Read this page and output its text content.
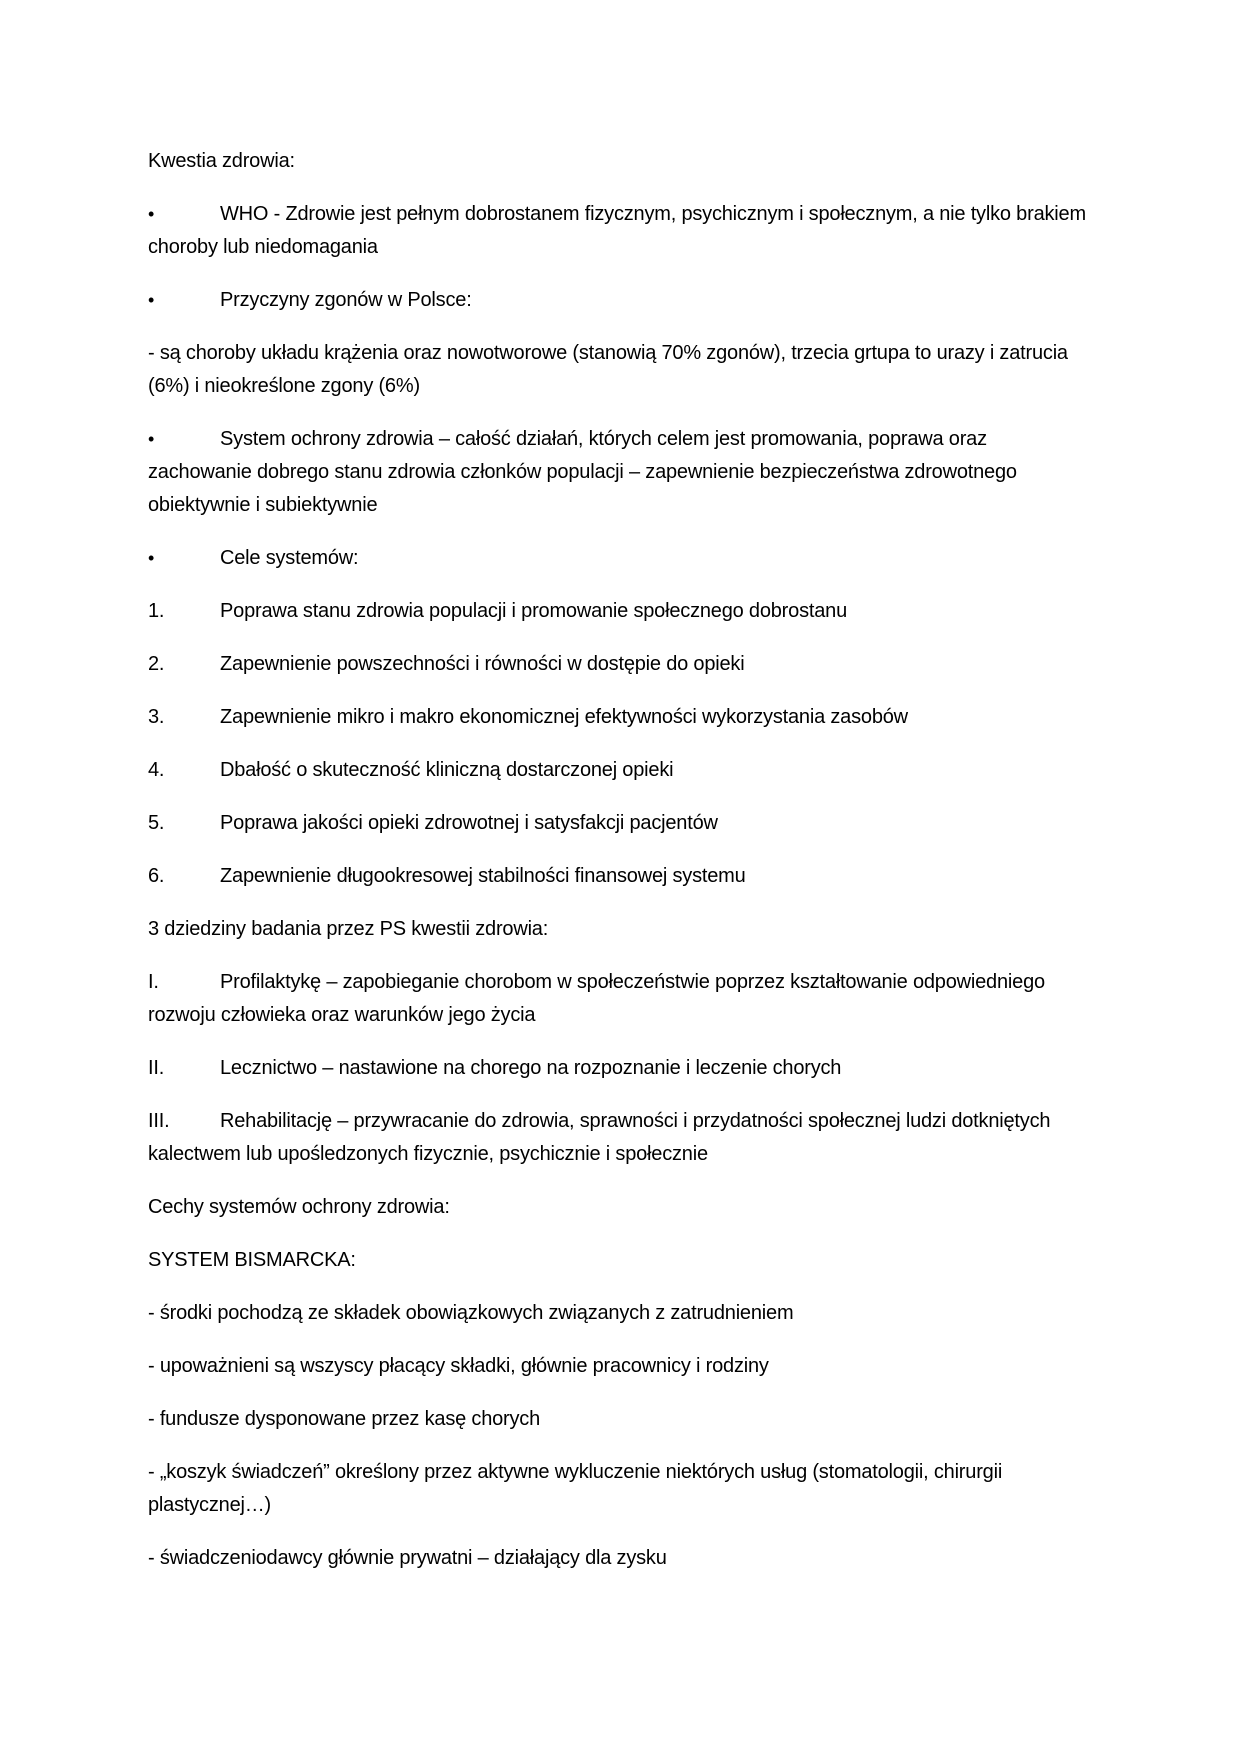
Kwestia zdrowia:

•	WHO - Zdrowie jest pełnym dobrostanem fizycznym, psychicznym i społecznym, a nie tylko brakiem choroby lub niedomagania

•	Przyczyny zgonów w Polsce:

- są choroby układu krążenia oraz nowotworowe (stanowią 70% zgonów), trzecia grtupa to urazy i zatrucia (6%) i nieokreślone zgony (6%)

•	System ochrony zdrowia – całość działań, których celem jest promowania, poprawa oraz zachowanie dobrego stanu zdrowia członków populacji – zapewnienie bezpieczeństwa zdrowotnego obiektywnie i subiektywnie

•	Cele systemów:

1.	Poprawa stanu zdrowia populacji i promowanie społecznego dobrostanu

2.	Zapewnienie powszechności i równości w dostępie do opieki

3.	Zapewnienie mikro i makro ekonomicznej efektywności wykorzystania zasobów

4.	Dbałość o skuteczność kliniczną dostarczonej opieki

5.	Poprawa jakości opieki zdrowotnej i satysfakcji pacjentów

6.	Zapewnienie długookresowej stabilności finansowej systemu

3 dziedziny badania przez PS kwestii zdrowia:

I.	Profilaktykę – zapobieganie chorobom w społeczeństwie poprzez kształtowanie odpowiedniego rozwoju człowieka oraz warunków jego życia

II.	Lecznictwo – nastawione na chorego na rozpoznanie i leczenie chorych

III.	Rehabilitację – przywracanie do zdrowia, sprawności i przydatności społecznej ludzi dotkniętych kalectwem lub upośledzonych fizycznie, psychicznie i społecznie

Cechy systemów ochrony zdrowia:

SYSTEM BISMARCKA:

- środki pochodzą ze składek obowiązkowych związanych z zatrudnieniem

- upoważnieni są wszyscy płacący składki, głównie pracownicy i rodziny

- fundusze dysponowane przez kasę chorych

- „koszyk świadczeń” określony przez aktywne wykluczenie niektórych usług (stomatologii, chirurgii plastycznej…)

- świadczeniodawcy głównie prywatni – działający dla zysku
